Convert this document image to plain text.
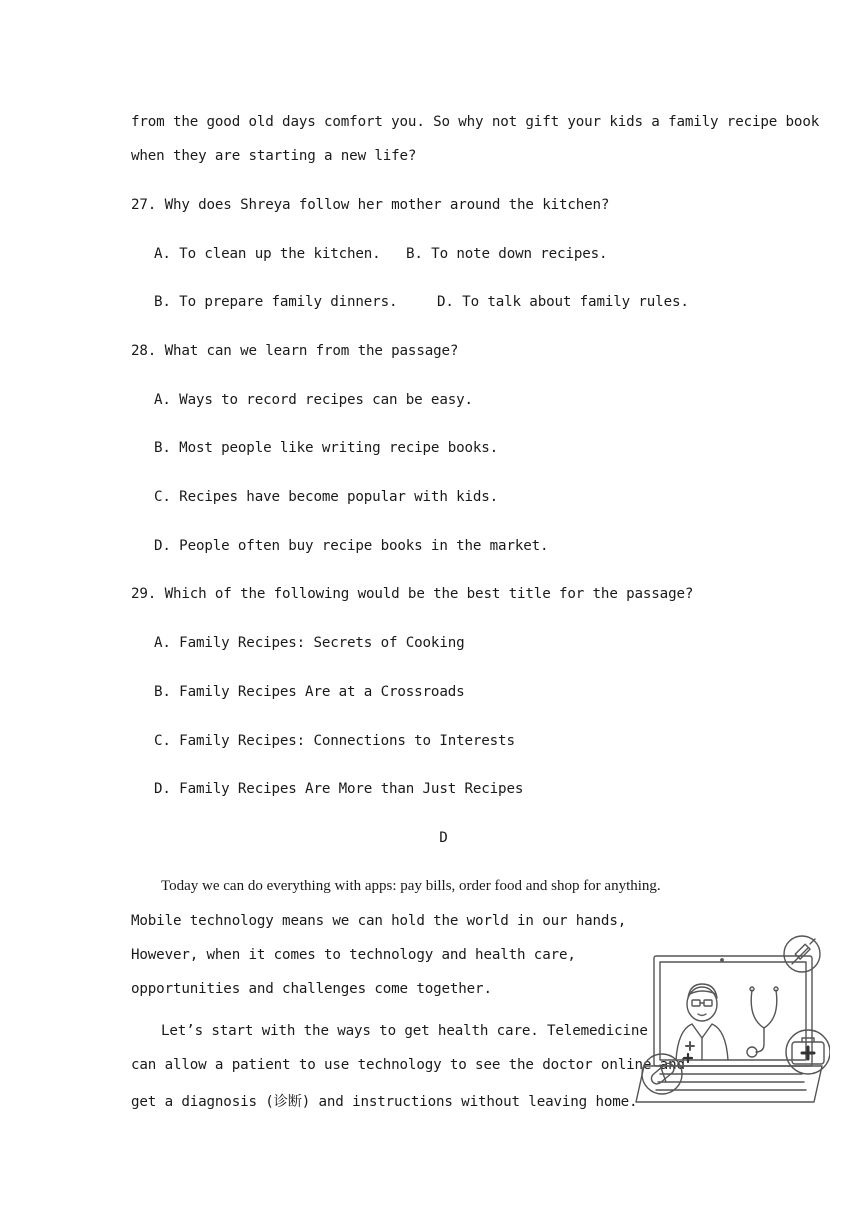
from the good old days comfort you. So why not gift your kids a family recipe book
when they are starting a new life?
27. Why does Shreya follow her mother around the kitchen?
A. To clean up the kitchen. B. To note down recipes.
B. To prepare family dinners.	D. To talk about family rules.
28. What can we learn from the passage?
A. Ways to record recipes can be easy.
B. Most people like writing recipe books.
C. Recipes have become popular with kids.
D. People often buy recipe books in the market.
29. Which of the following would be the best title for the passage?
A. Family Recipes: Secrets of Cooking
B. Family Recipes Are at a Crossroads
C. Family Recipes: Connections to Interests
D. Family Recipes Are More than Just Recipes
D
Today we can do everything with apps: pay bills, order food and shop for anything.
Mobile technology means we can hold the world in our hands,
However, when it comes to technology and health care,
opportunities and challenges come together.
Let’s start with the ways to get health care. Telemedicine
can allow a patient to use technology to see the doctor online and
get a diagnosis (诊断) and instructions without leaving home.
